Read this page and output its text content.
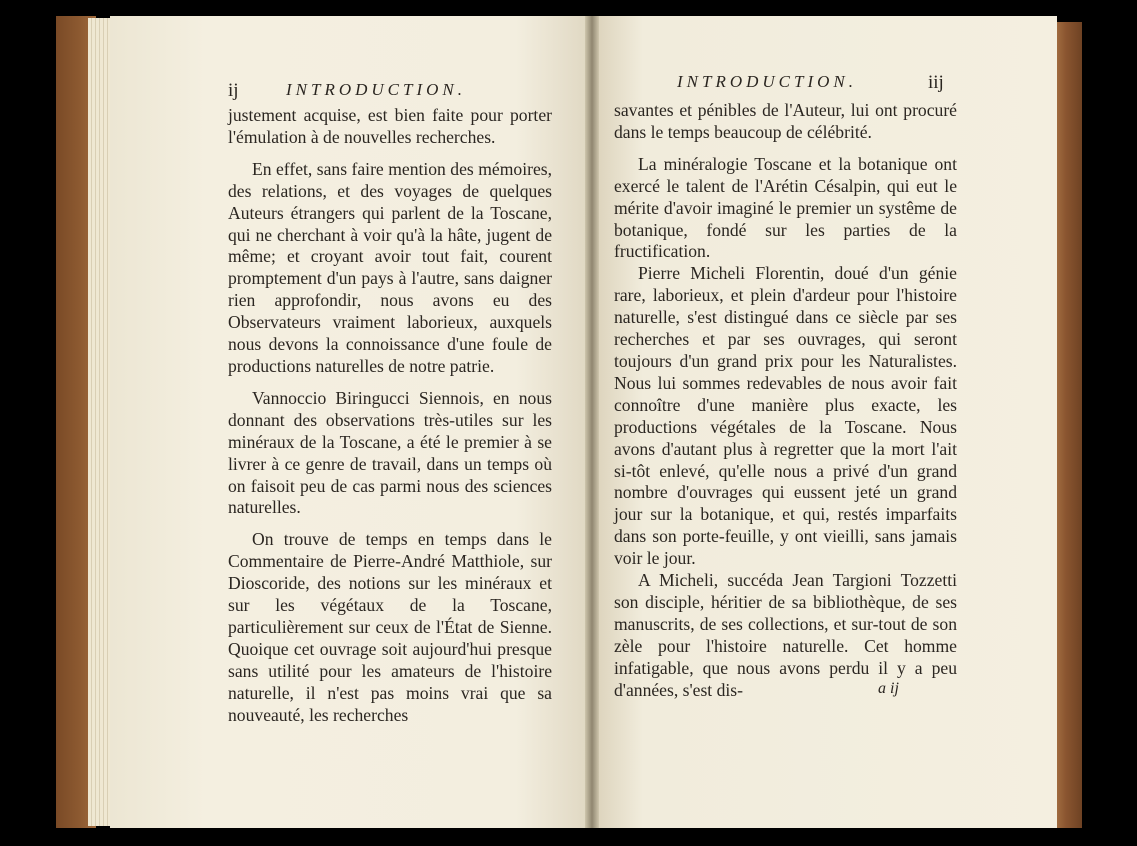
ij	INTRODUCTION.

justement acquise, est bien faite pour porter l'émulation à de nouvelles recherches.

En effet, sans faire mention des mémoires, des relations, et des voyages de quelques Auteurs étrangers qui parlent de la Toscane, qui ne cherchant à voir qu'à la hâte, jugent de même; et croyant avoir tout fait, courent promptement d'un pays à l'autre, sans daigner rien approfondir, nous avons eu des Observateurs vraiment laborieux, auxquels nous devons la connoissance d'une foule de productions naturelles de notre patrie.

Vannoccio Biringucci Siennois, en nous donnant des observations très-utiles sur les minéraux de la Toscane, a été le premier à se livrer à ce genre de travail, dans un temps où on faisoit peu de cas parmi nous des sciences naturelles.

On trouve de temps en temps dans le Commentaire de Pierre-André Matthiole, sur Dioscoride, des notions sur les minéraux et sur les végétaux de la Toscane, particulièrement sur ceux de l'État de Sienne. Quoique cet ouvrage soit aujourd'hui presque sans utilité pour les amateurs de l'histoire naturelle, il n'est pas moins vrai que sa nouveauté, les recherches

INTRODUCTION.	iij

savantes et pénibles de l'Auteur, lui ont procuré dans le temps beaucoup de célébrité.

La minéralogie Toscane et la botanique ont exercé le talent de l'Arétin Césalpin, qui eut le mérite d'avoir imaginé le premier un systême de botanique, fondé sur les parties de la fructification.

Pierre Micheli Florentin, doué d'un génie rare, laborieux, et plein d'ardeur pour l'histoire naturelle, s'est distingué dans ce siècle par ses recherches et par ses ouvrages, qui seront toujours d'un grand prix pour les Naturalistes. Nous lui sommes redevables de nous avoir fait connoître d'une manière plus exacte, les productions végétales de la Toscane. Nous avons d'autant plus à regretter que la mort l'ait si-tôt enlevé, qu'elle nous a privé d'un grand nombre d'ouvrages qui eussent jeté un grand jour sur la botanique, et qui, restés imparfaits dans son porte-feuille, y ont vieilli, sans jamais voir le jour.

A Micheli, succéda Jean Targioni Tozzetti son disciple, héritier de sa bibliothèque, de ses manuscrits, de ses collections, et sur-tout de son zèle pour l'histoire naturelle. Cet homme infatigable, que nous avons perdu il y a peu d'années, s'est dis-	a ij
